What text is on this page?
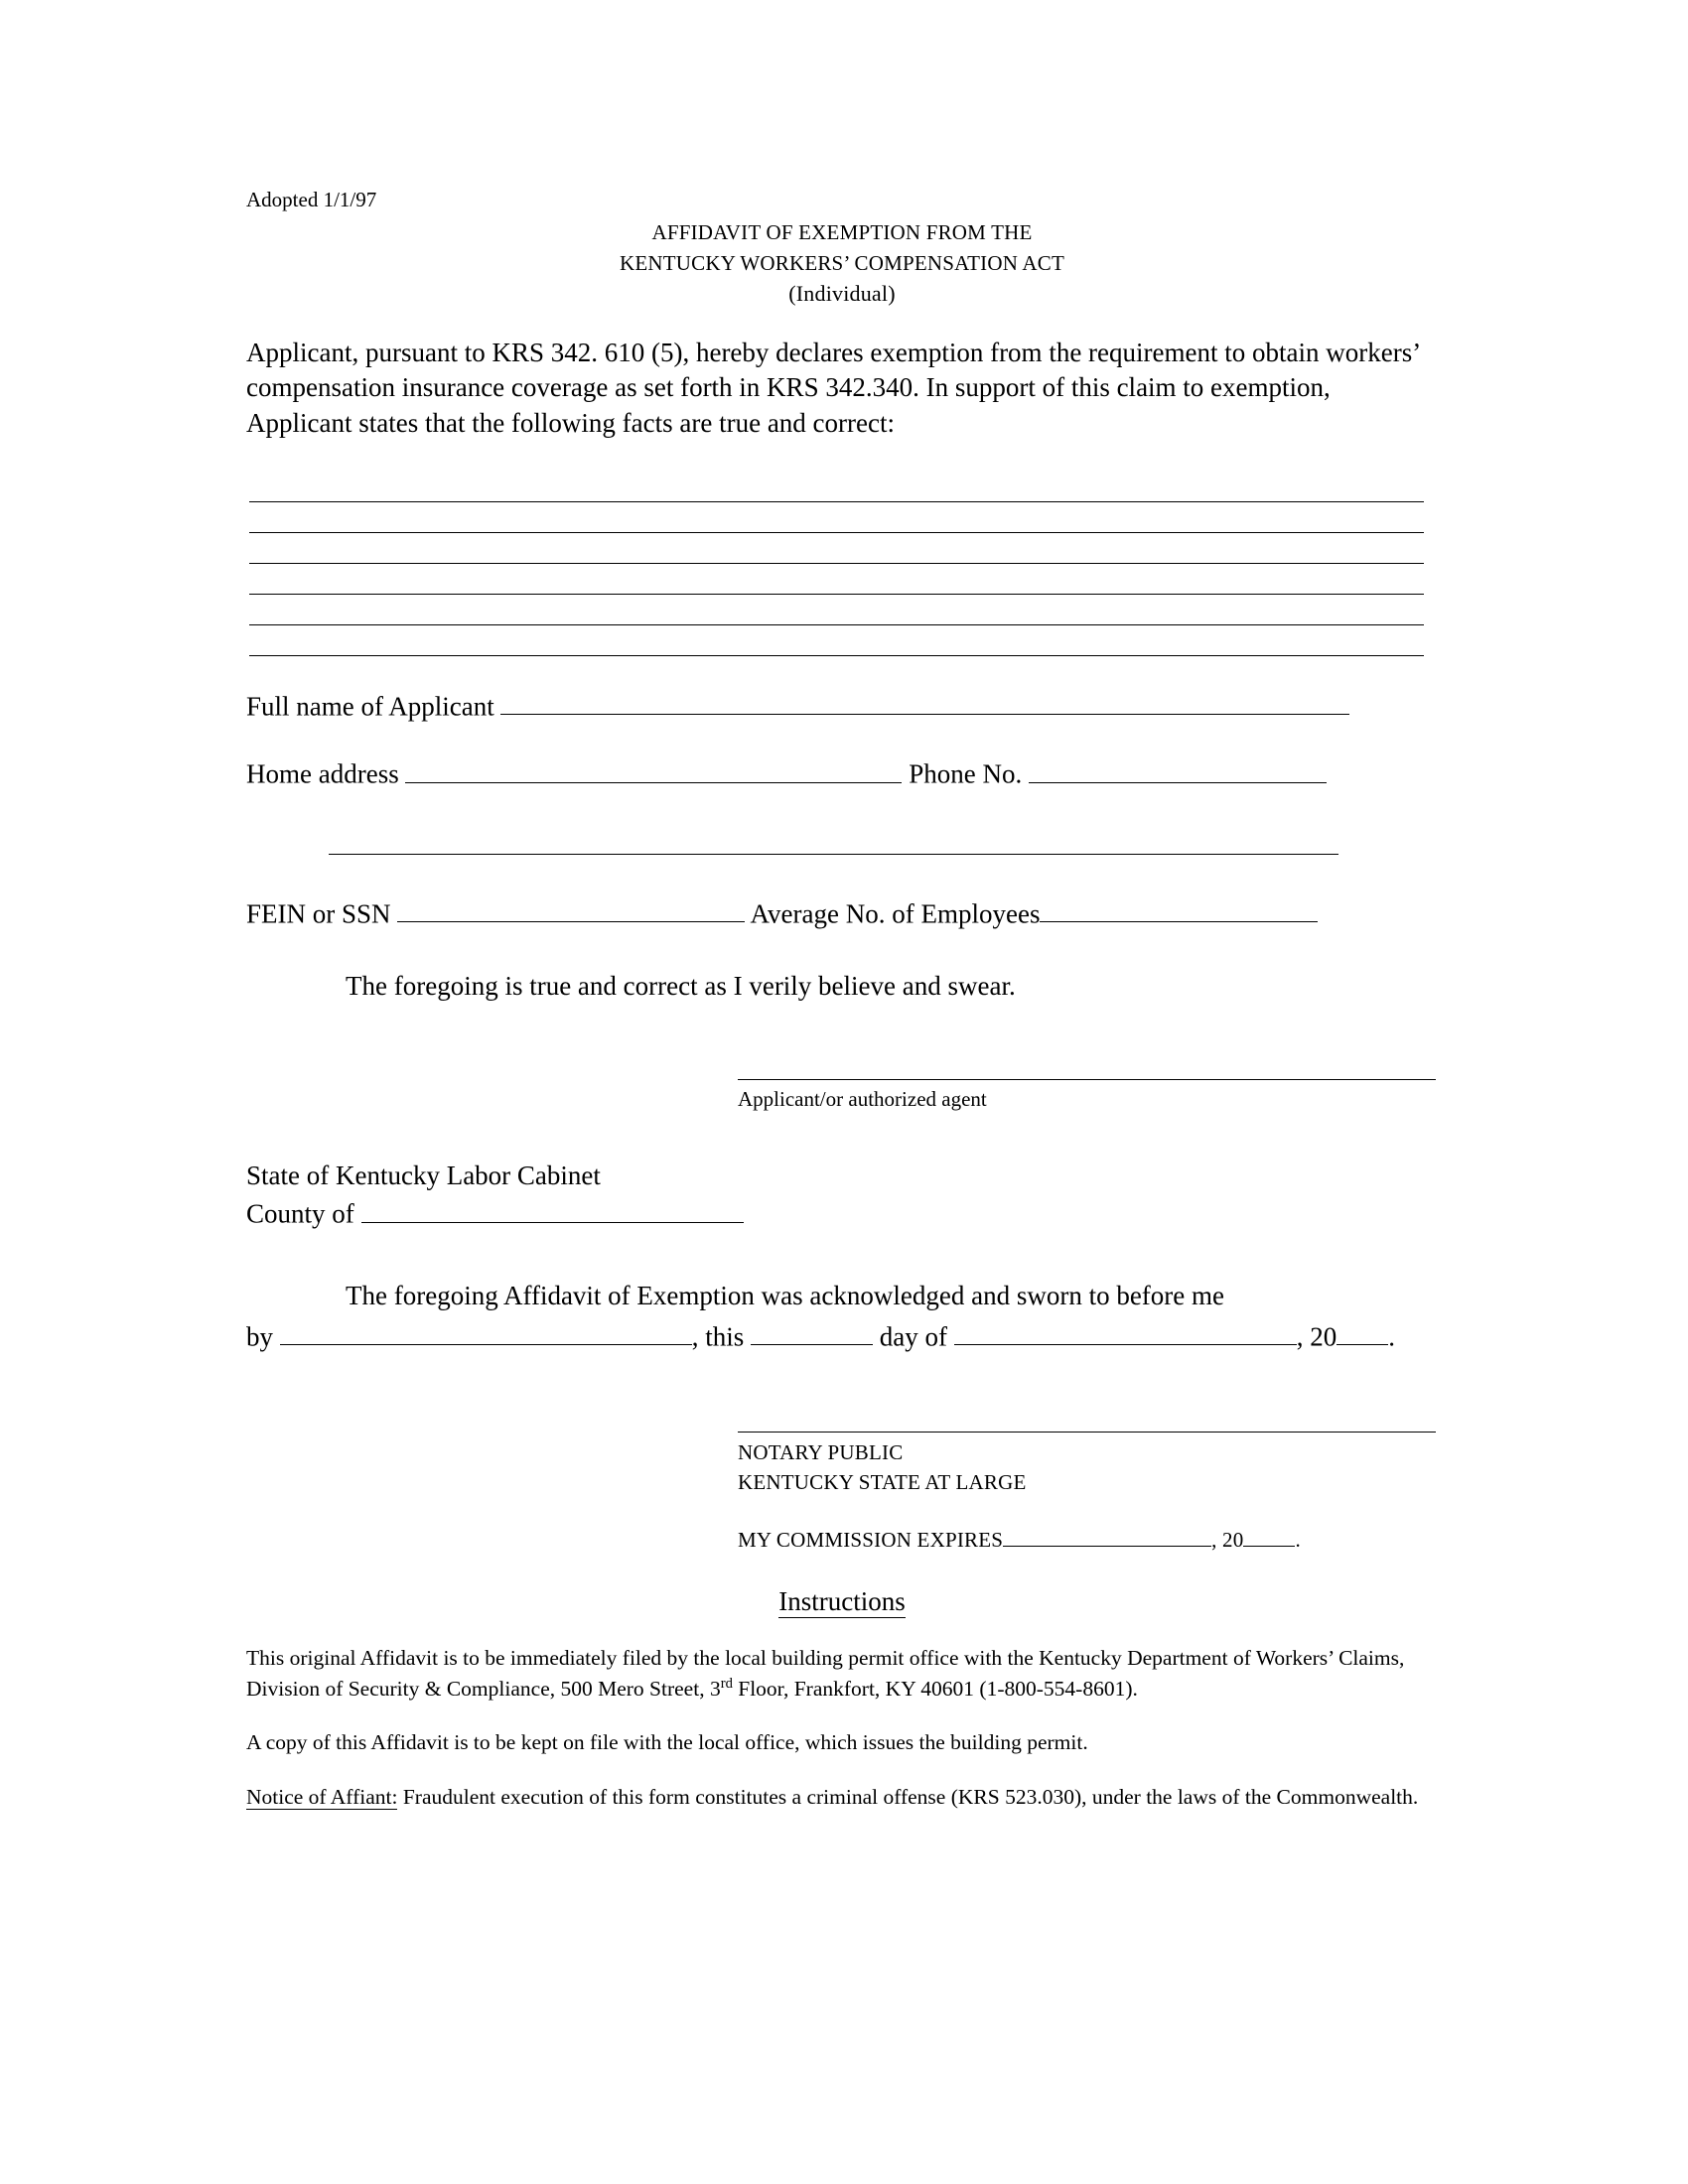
Adopted 1/1/97
AFFIDAVIT OF EXEMPTION FROM THE
KENTUCKY WORKERS’ COMPENSATION ACT
(Individual)

Applicant, pursuant to KRS 342. 610 (5), hereby declares exemption from the requirement to obtain workers’ compensation insurance coverage as set forth in KRS 342.340. In support of this claim to exemption, Applicant states that the following facts are true and correct:

Full name of Applicant
Home address	Phone No.
FEIN or SSN	Average No. of Employees
The foregoing is true and correct as I verily believe and swear.
Applicant/or authorized agent
State of Kentucky Labor Cabinet
County of
The foregoing Affidavit of Exemption was acknowledged and sworn to before me
by	, this	day of	, 20 .
NOTARY PUBLIC
KENTUCKY STATE AT LARGE
MY COMMISSION EXPIRES	, 20 .
Instructions

This original Affidavit is to be immediately filed by the local building permit office with the Kentucky Department of Workers’ Claims, Division of Security & Compliance, 500 Mero Street, 3rd Floor, Frankfort, KY 40601 (1-800-554-8601).

A copy of this Affidavit is to be kept on file with the local office, which issues the building permit.

Notice of Affiant: Fraudulent execution of this form constitutes a criminal offense (KRS 523.030), under the laws of the Commonwealth.
